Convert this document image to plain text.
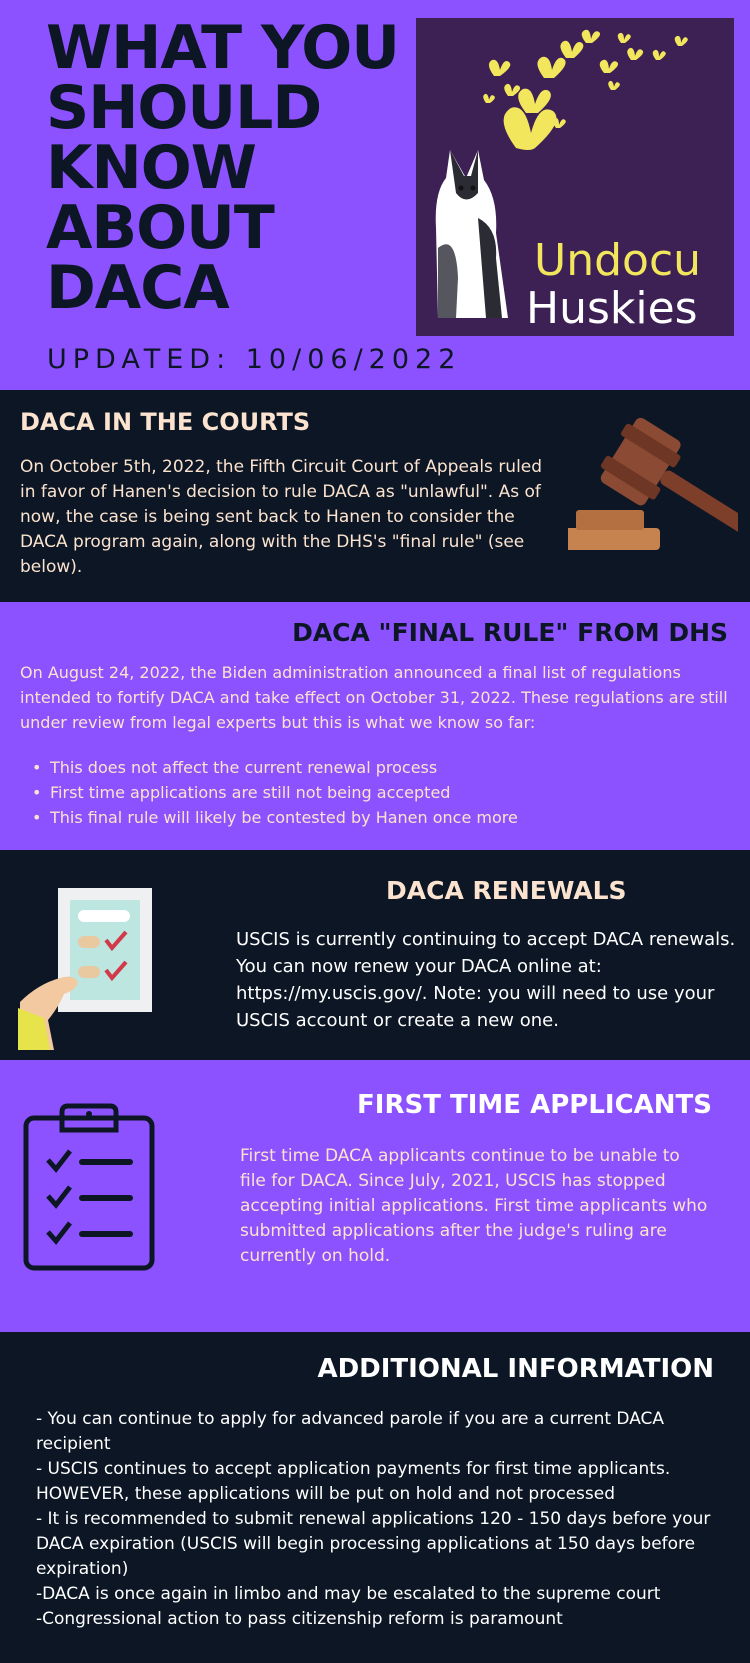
WHAT YOU
SHOULD
KNOW
ABOUT
DACA
UPDATED: 10/06/2022
Undocu
Huskies
DACA IN THE COURTS

On October 5th, 2022, the Fifth Circuit Court of Appeals ruled in favor of Hanen's decision to rule DACA as "unlawful". As of now, the case is being sent back to Hanen to consider the DACA program again, along with the DHS's "final rule" (see below).

DACA "FINAL RULE" FROM DHS

On August 24, 2022, the Biden administration announced a final list of regulations intended to fortify DACA and take effect on October 31, 2022. These regulations are still under review from legal experts but this is what we know so far:

• This does not affect the current renewal process
• First time applications are still not being accepted
• This final rule will likely be contested by Hanen once more
DACA RENEWALS

USCIS is currently continuing to accept DACA renewals. You can now renew your DACA online at: https://my.uscis.gov/. Note: you will need to use your USCIS account or create a new one.

FIRST TIME APPLICANTS

First time DACA applicants continue to be unable to file for DACA. Since July, 2021, USCIS has stopped accepting initial applications. First time applicants who submitted applications after the judge's ruling are currently on hold.

ADDITIONAL INFORMATION

- You can continue to apply for advanced parole if you are a current DACA recipient

- USCIS continues to accept application payments for first time applicants. HOWEVER, these applications will be put on hold and not processed

- It is recommended to submit renewal applications 120 - 150 days before your DACA expiration (USCIS will begin processing applications at 150 days before expiration)

-DACA is once again in limbo and may be escalated to the supreme court

-Congressional action to pass citizenship reform is paramount
